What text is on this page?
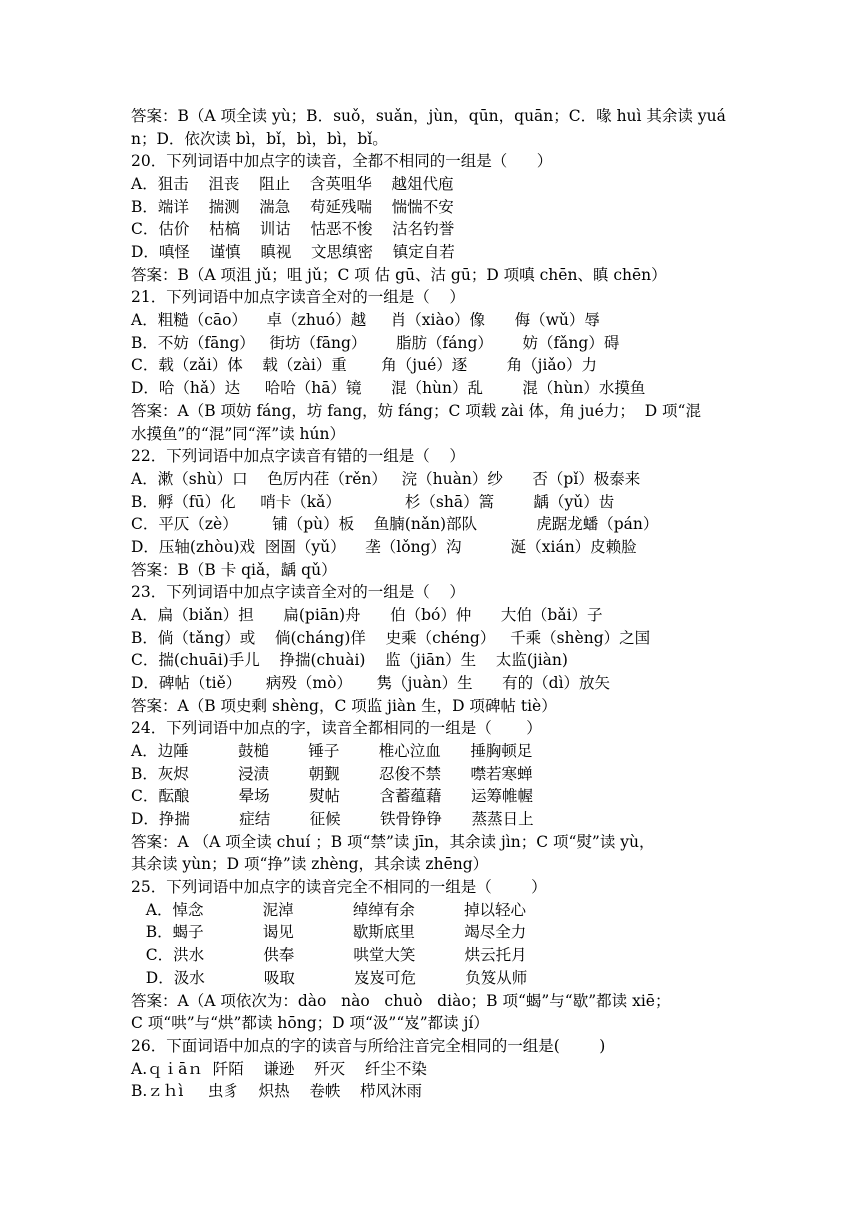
答案：B（A 项全读 yù；B．suǒ，suǎn，jùn，qūn，quān；C．喙 huì 其余读 yuá
n；D．依次读 bì，bǐ，bì，bì，bǐ。
20．下列词语中加点字的读音，全都不相同的一组是（      ）
A．狙击    沮丧    阻止    含英咀华    越俎代庖
B．端详    揣测    湍急    苟延残喘    惴惴不安
C．估价    枯槁    训诂    怙恶不悛    沽名钓誉
D．嗔怪    谨慎    瞋视    文思缜密    镇定自若
答案：B（A 项沮 jǔ；咀 jǔ；C 项 估 gū、沽 gū；D 项嗔 chēn、瞋 chēn）
21．下列词语中加点字读音全对的一组是（    ）
A．粗糙（cāo）    卓（zhuó）越     肖（xiào）像      侮（wǔ）辱
B．不妨（fāng）   街坊（fāng）      脂肪（fáng）      妨（fǎng）碍
C．载（zǎi）体    载（zài）重       角（jué）逐        角（jiǎo）力
D．哈（hǎ）达     哈哈（hā）镜      混（hùn）乱        混（hùn）水摸鱼
答案：A（B 项妨 fáng，坊 fang，妨 fáng；C 项载 zài 体，角 jué力；  D 项“混
水摸鱼”的“混”同“浑”读 hún）
22．下列词语中加点字读音有错的一组是（    ）
A．漱（shù）口    色厉内荏（rěn）   浣（huàn）纱      否（pǐ）极泰来
B．孵（fū）化     哨卡（kǎ）             杉（shā）篙        龋（yǔ）齿
C．平仄（zè）       铺（pù）板    鱼腩(nǎn)部队            虎踞龙蟠（pán）
D．压轴(zhòu)戏  囹圄（yǔ）    垄（lǒng）沟          涎（xián）皮赖脸
答案：B（B 卡 qiǎ，龋 qǔ）
23．下列词语中加点字读音全对的一组是（    ）
A．扁（biǎn）担      扁(piān)舟      伯（bó）仲      大伯（bǎi）子
B．倘（tǎng）或    倘(cháng)佯    史乘（chéng）   千乘（shèng）之国
C．揣(chuāi)手儿    挣揣(chuài)    监（jiān）生    太监(jiàn)
D．碑帖（tiě）     病殁（mò）     隽（juàn）生      有的（dì）放矢
答案：A（B 项史剩 shèng，C 项监 jiàn 生，D 项碑帖 tiè）
24．下列词语中加点的字，读音全都相同的一组是（       ）
A．边陲          鼓槌        锤子        椎心泣血      捶胸顿足
B．灰烬          浸渍        朝觐        忍俊不禁      噤若寒蝉
C．酝酿          晕场        熨帖        含蓄蕴藉      运筹帷幄
D．挣揣          症结        征候        铁骨铮铮      蒸蒸日上
答案：A （A 项全读 chuí ；B 项“禁”读 jīn，其余读 jìn；C 项“熨”读 yù，
其余读 yùn；D 项“挣”读 zhèng，其余读 zhēng）
25．下列词语中加点字的读音完全不相同的一组是（        ）
A．悼念            泥淖            绰绰有余          掉以轻心
B．蝎子            谒见            歇斯底里          竭尽全力
C．洪水            供奉            哄堂大笑          烘云托月
D．汲水            吸取            岌岌可危          负笈从师
答案：A（A 项依次为：dào   nào   chuò   diào；B 项“蝎”与“歇”都读 xiē；
C 项“哄”与“烘”都读 hōng；D 项“汲”“岌”都读 jí）
26．下面词语中加点的字的读音与所给注音完全相同的一组是(        )
A.ｑｉāｎ  阡陌    谦逊    歼灭    纤尘不染
B.ｚｈì     虫豸    炽热    卷帙    栉风沐雨
